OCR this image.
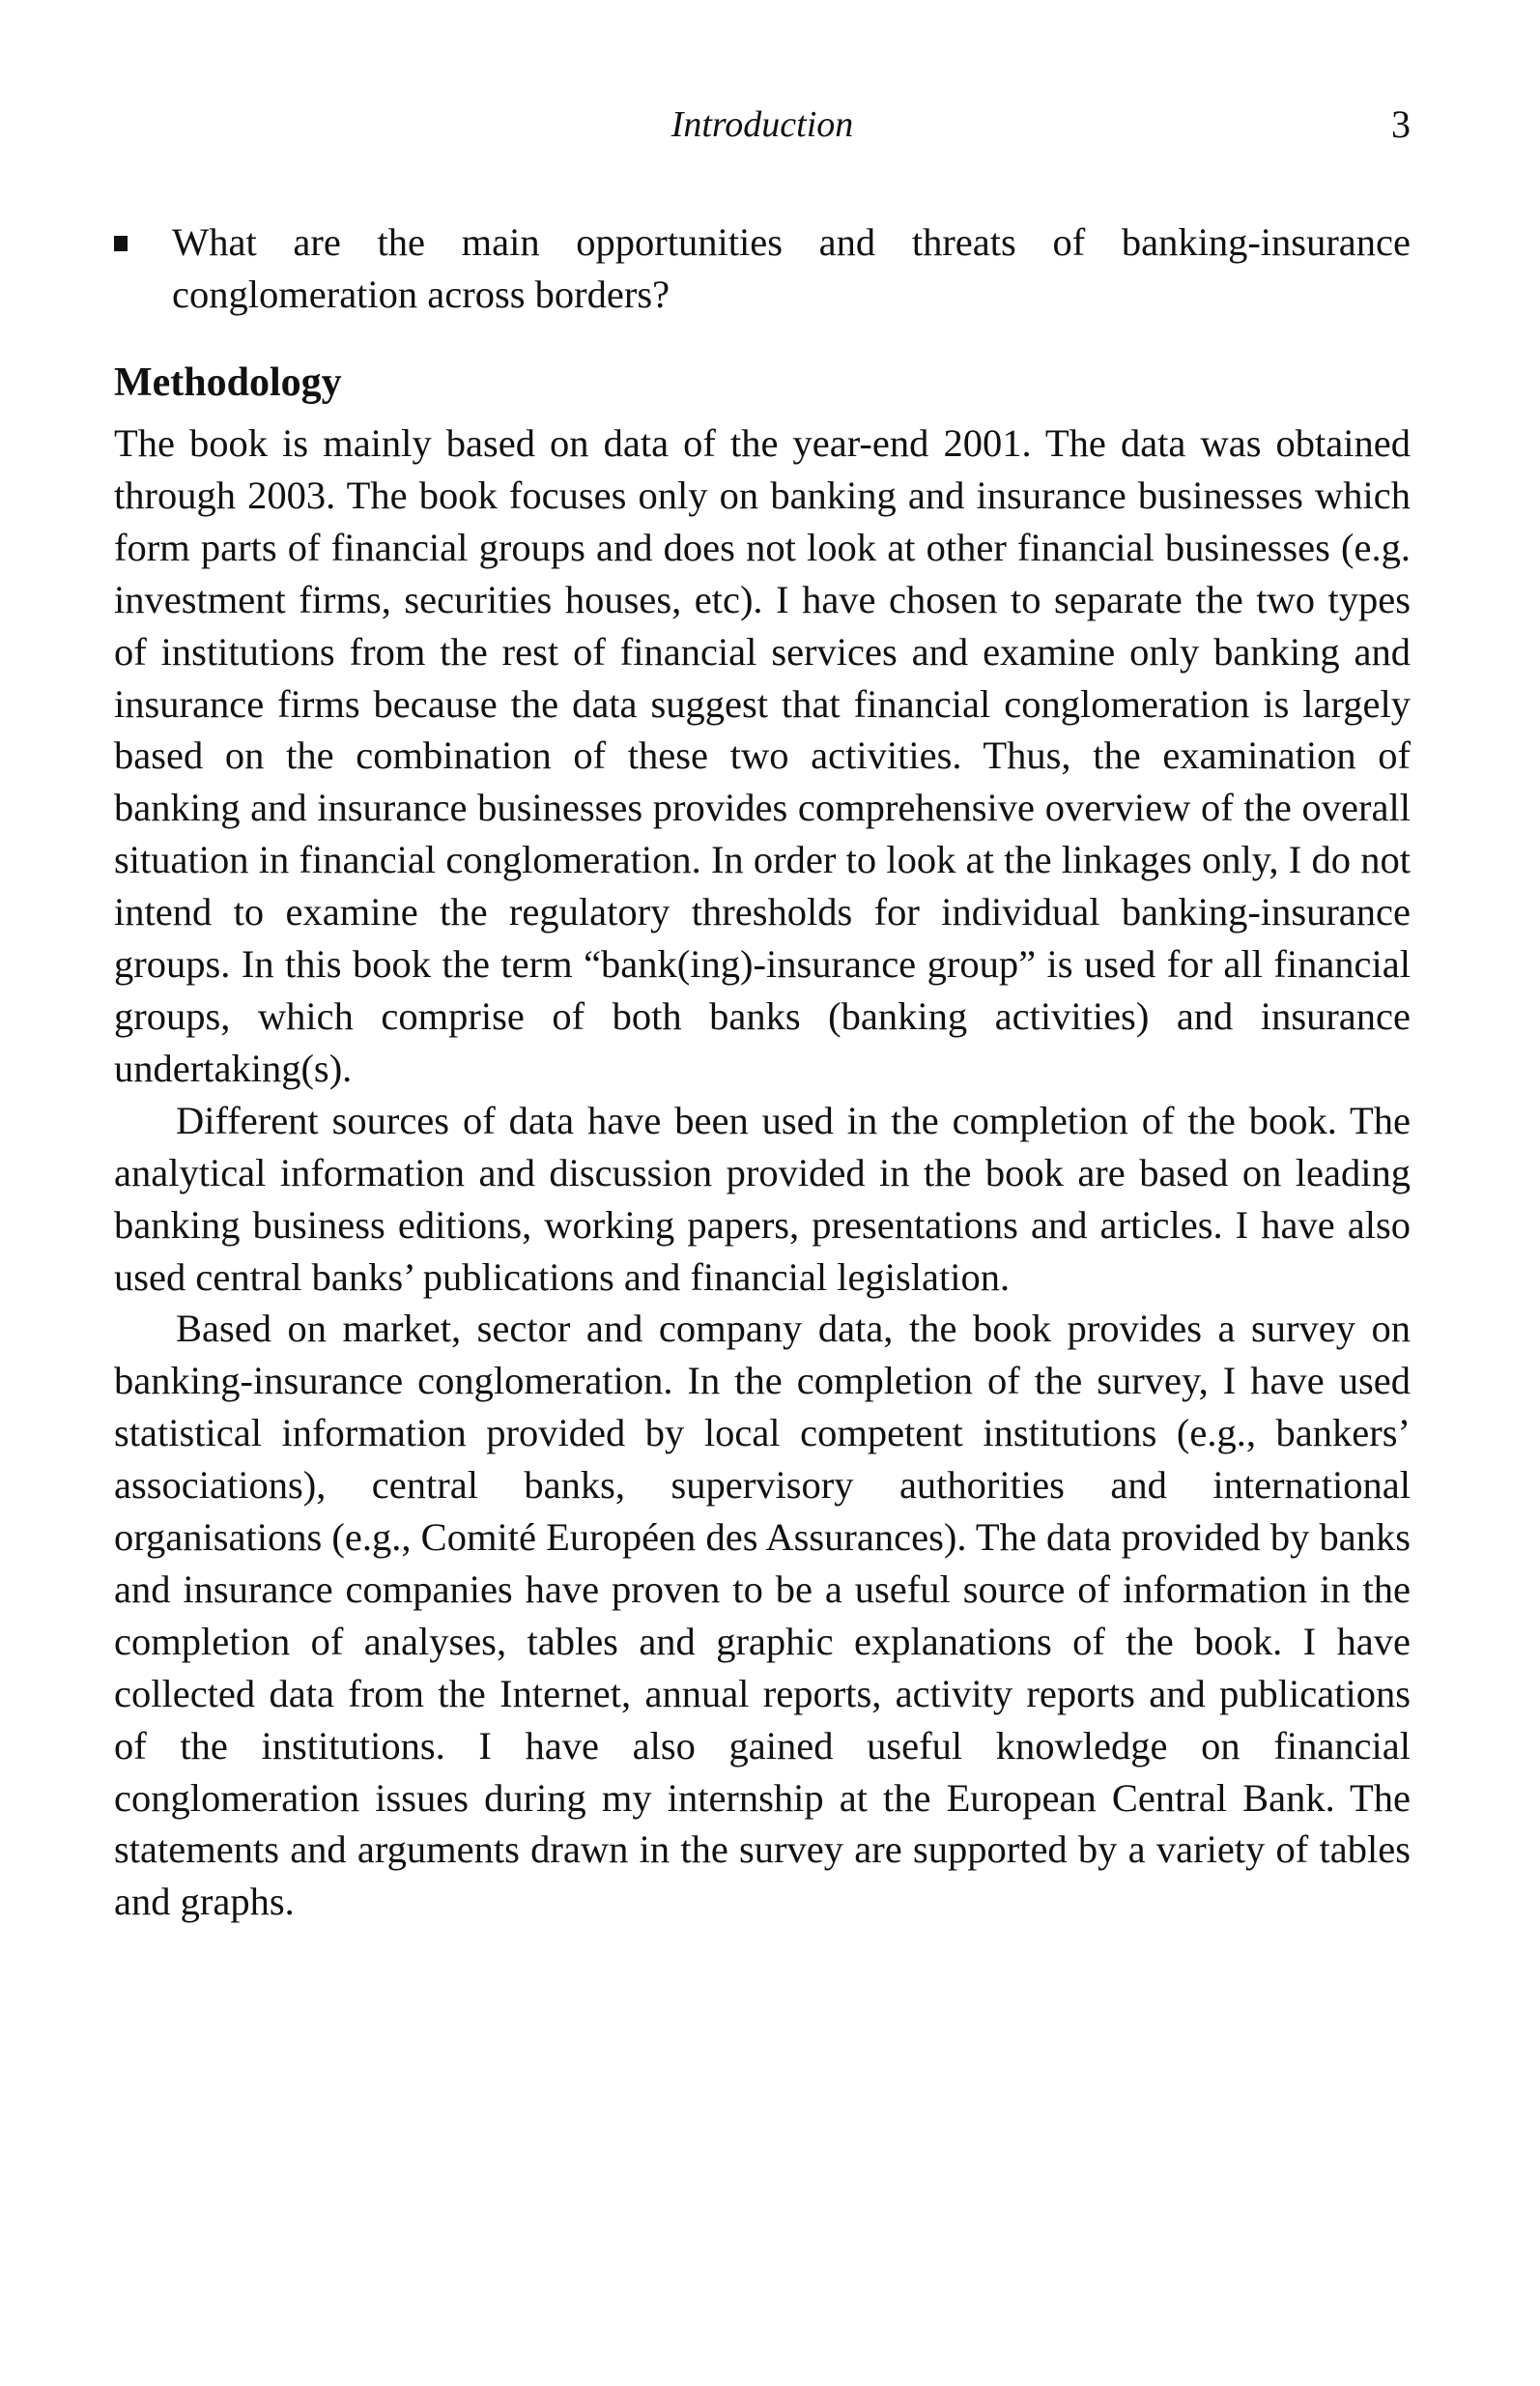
Introduction	3

What are the main opportunities and threats of banking-insurance conglomeration across borders?

Methodology

The book is mainly based on data of the year-end 2001. The data was obtained through 2003. The book focuses only on banking and insurance businesses which form parts of financial groups and does not look at other financial businesses (e.g. investment firms, securities houses, etc). I have chosen to separate the two types of institutions from the rest of financial services and examine only banking and insurance firms because the data suggest that financial conglomeration is largely based on the combination of these two activities. Thus, the examination of banking and insurance businesses provides comprehensive overview of the overall situation in financial conglomeration. In order to look at the linkages only, I do not intend to examine the regulatory thresholds for individual banking-insurance groups. In this book the term “bank(ing)-insurance group” is used for all financial groups, which comprise of both banks (banking activities) and insurance undertaking(s).

Different sources of data have been used in the completion of the book. The analytical information and discussion provided in the book are based on leading banking business editions, working papers, presentations and articles. I have also used central banks’ publications and financial legislation.

Based on market, sector and company data, the book provides a survey on banking-insurance conglomeration. In the completion of the survey, I have used statistical information provided by local competent institutions (e.g., bankers’ associations), central banks, supervisory authorities and international organisations (e.g., Comité Européen des Assurances). The data provided by banks and insurance companies have proven to be a useful source of information in the completion of analyses, tables and graphic explanations of the book. I have collected data from the Internet, annual reports, activity reports and publications of the institutions. I have also gained useful knowledge on financial conglomeration issues during my internship at the European Central Bank. The statements and arguments drawn in the survey are supported by a variety of tables and graphs.
